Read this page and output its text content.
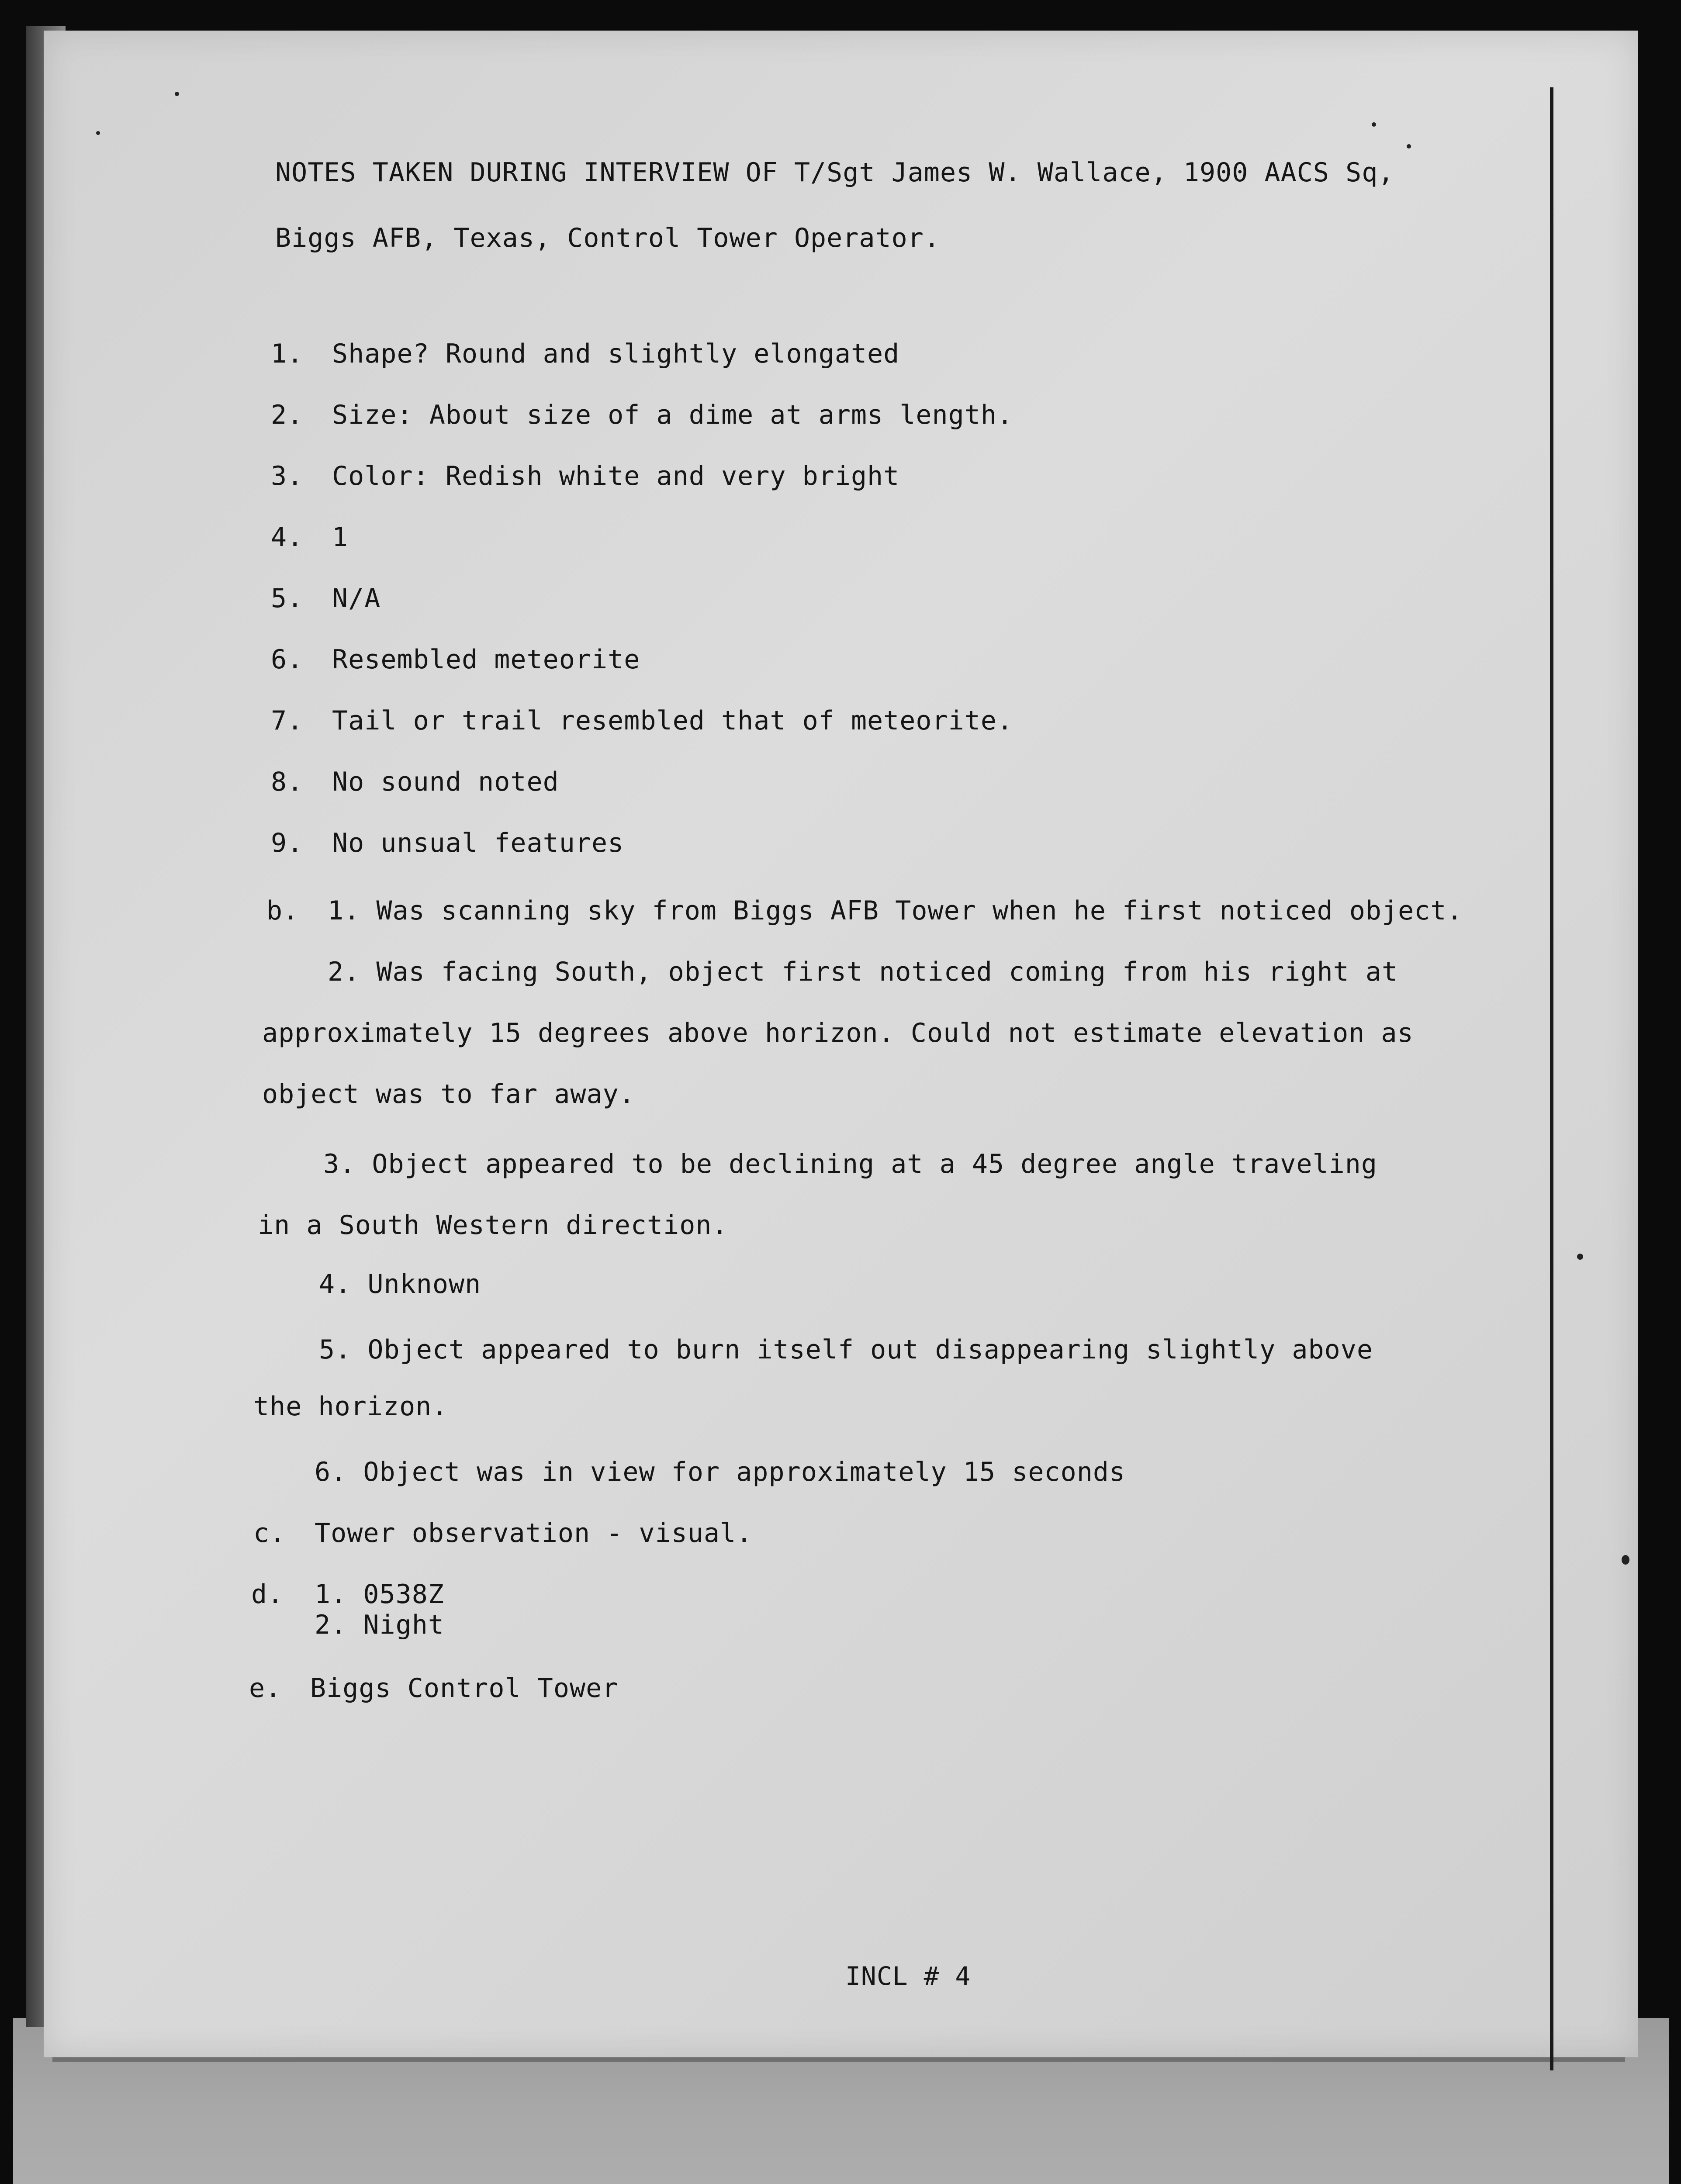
NOTES TAKEN DURING INTERVIEW OF T/Sgt James W. Wallace, 1900 AACS Sq,
Biggs AFB, Texas, Control Tower Operator.
1. Shape? Round and slightly elongated
2. Size: About size of a dime at arms length.
3. Color: Redish white and very bright
4. 1
5. N/A
6. Resembled meteorite
7. Tail or trail resembled that of meteorite.
8. No sound noted
9. No unsual features
b. 1. Was scanning sky from Biggs AFB Tower when he first noticed object.
2. Was facing South, object first noticed coming from his right at
approximately 15 degrees above horizon. Could not estimate elevation as
object was to far away.
3. Object appeared to be declining at a 45 degree angle traveling
in a South Western direction.
4. Unknown
5. Object appeared to burn itself out disappearing slightly above
the horizon.
6. Object was in view for approximately 15 seconds
c. Tower observation - visual.
d. 1. 0538Z
2. Night
e. Biggs Control Tower
INCL # 4
